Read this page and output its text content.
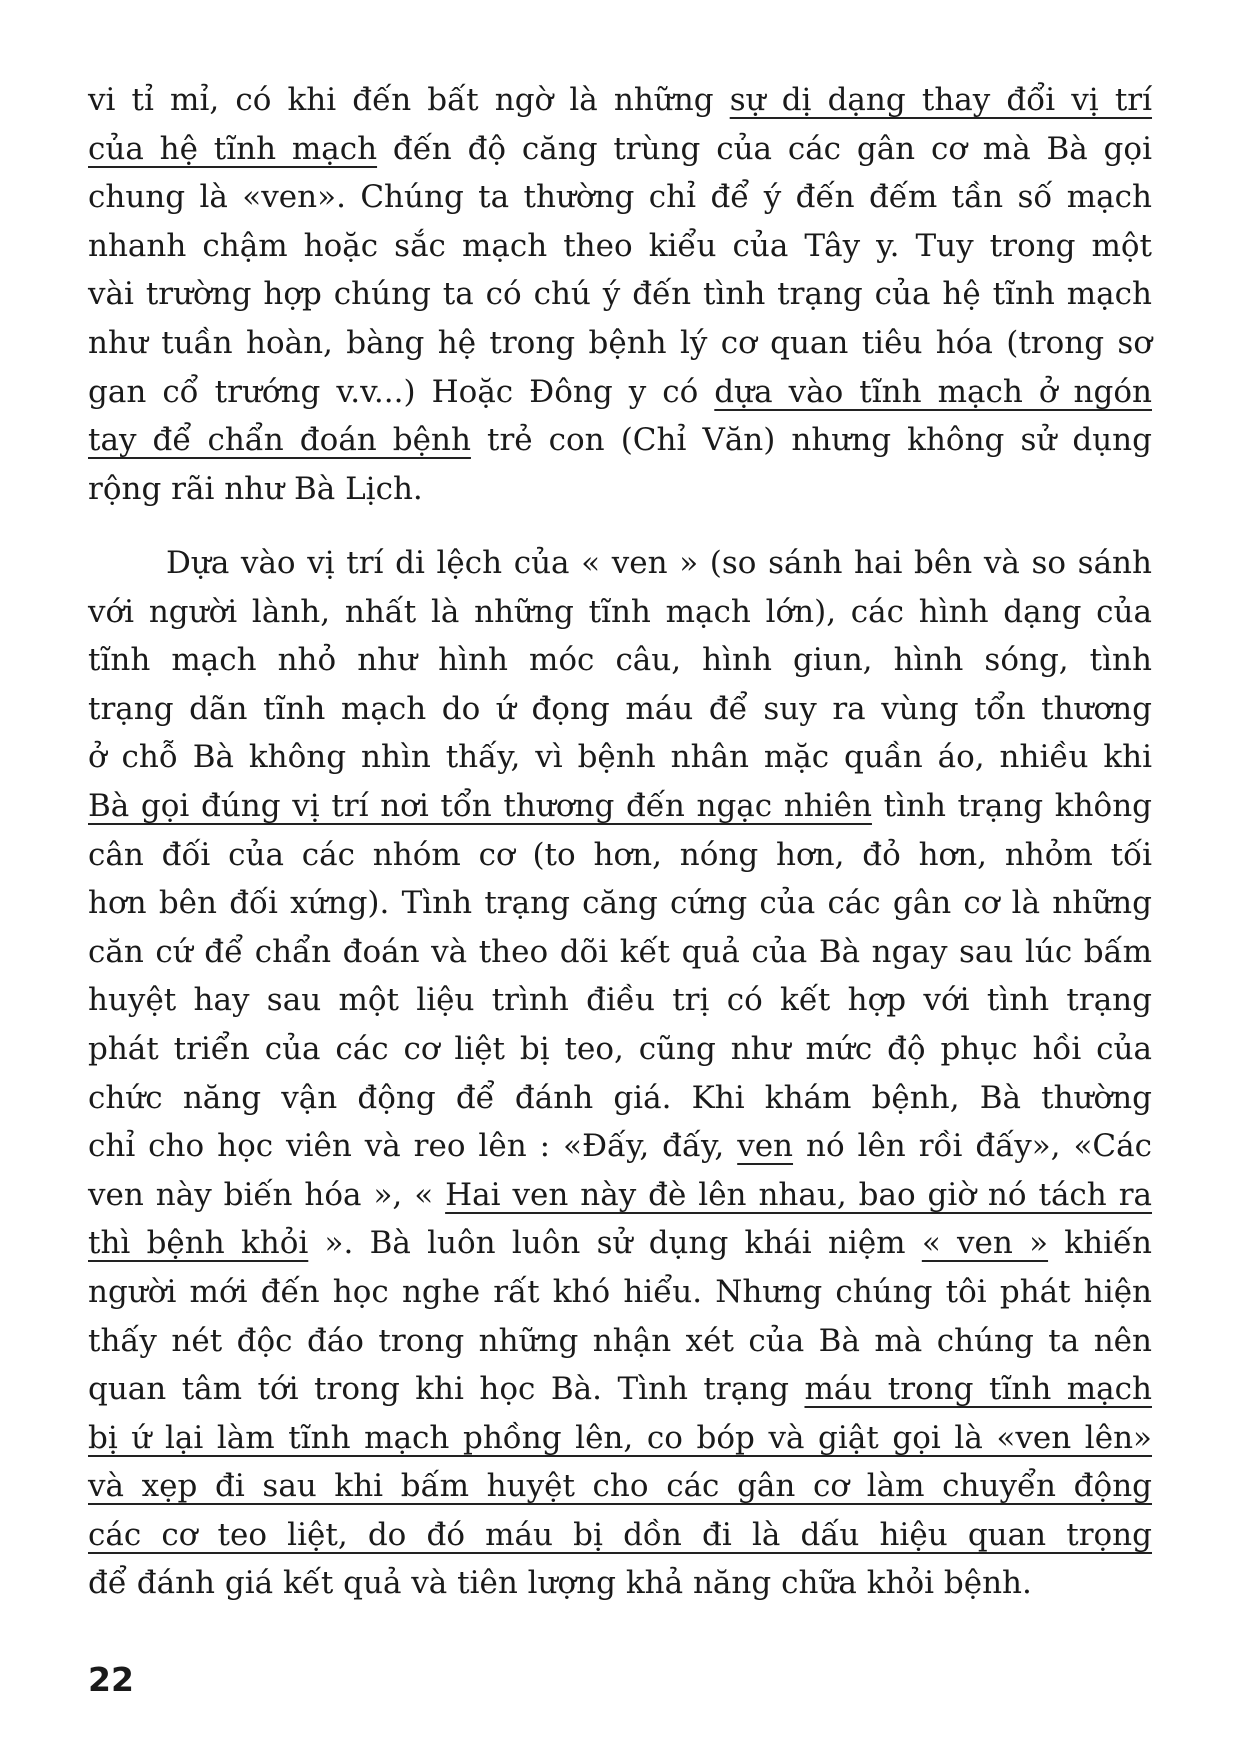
vi tỉ mỉ, có khi đến bất ngờ là những sự dị dạng thay đổi vị trí
của hệ tĩnh mạch đến độ căng trùng của các gân cơ mà Bà gọi
chung là «ven». Chúng ta thường chỉ để ý đến đếm tần số mạch
nhanh chậm hoặc sắc mạch theo kiểu của Tây y. Tuy trong một
vài trường hợp chúng ta có chú ý đến tình trạng của hệ tĩnh mạch
như tuần hoàn, bàng hệ trong bệnh lý cơ quan tiêu hóa (trong sơ
gan cổ trướng v.v...) Hoặc Đông y có dựa vào tĩnh mạch ở ngón
tay để chẩn đoán bệnh trẻ con (Chỉ Văn) nhưng không sử dụng
rộng rãi như Bà Lịch.
Dựa vào vị trí di lệch của « ven » (so sánh hai bên và so sánh
với người lành, nhất là những tĩnh mạch lớn), các hình dạng của
tĩnh mạch nhỏ như hình móc câu, hình giun, hình sóng, tình
trạng dãn tĩnh mạch do ứ đọng máu để suy ra vùng tổn thương
ở chỗ Bà không nhìn thấy, vì bệnh nhân mặc quần áo, nhiều khi
Bà gọi đúng vị trí nơi tổn thương đến ngạc nhiên tình trạng không
cân đối của các nhóm cơ (to hơn, nóng hơn, đỏ hơn, nhỏm tối
hơn bên đối xứng). Tình trạng căng cứng của các gân cơ là những
căn cứ để chẩn đoán và theo dõi kết quả của Bà ngay sau lúc bấm
huyệt hay sau một liệu trình điều trị có kết hợp với tình trạng
phát triển của các cơ liệt bị teo, cũng như mức độ phục hồi của
chức năng vận động để đánh giá. Khi khám bệnh, Bà thường
chỉ cho học viên và reo lên : «Đấy, đấy, ven nó lên rồi đấy», «Các
ven này biến hóa », « Hai ven này đè lên nhau, bao giờ nó tách ra
thì bệnh khỏi ». Bà luôn luôn sử dụng khái niệm « ven » khiến
người mới đến học nghe rất khó hiểu. Nhưng chúng tôi phát hiện
thấy nét độc đáo trong những nhận xét của Bà mà chúng ta nên
quan tâm tới trong khi học Bà. Tình trạng máu trong tĩnh mạch
bị ứ lại làm tĩnh mạch phồng lên, co bóp và giật gọi là «ven lên»
và xẹp đi sau khi bấm huyệt cho các gân cơ làm chuyển động
các cơ teo liệt, do đó máu bị dồn đi là dấu hiệu quan trọng
để đánh giá kết quả và tiên lượng khả năng chữa khỏi bệnh.
22
